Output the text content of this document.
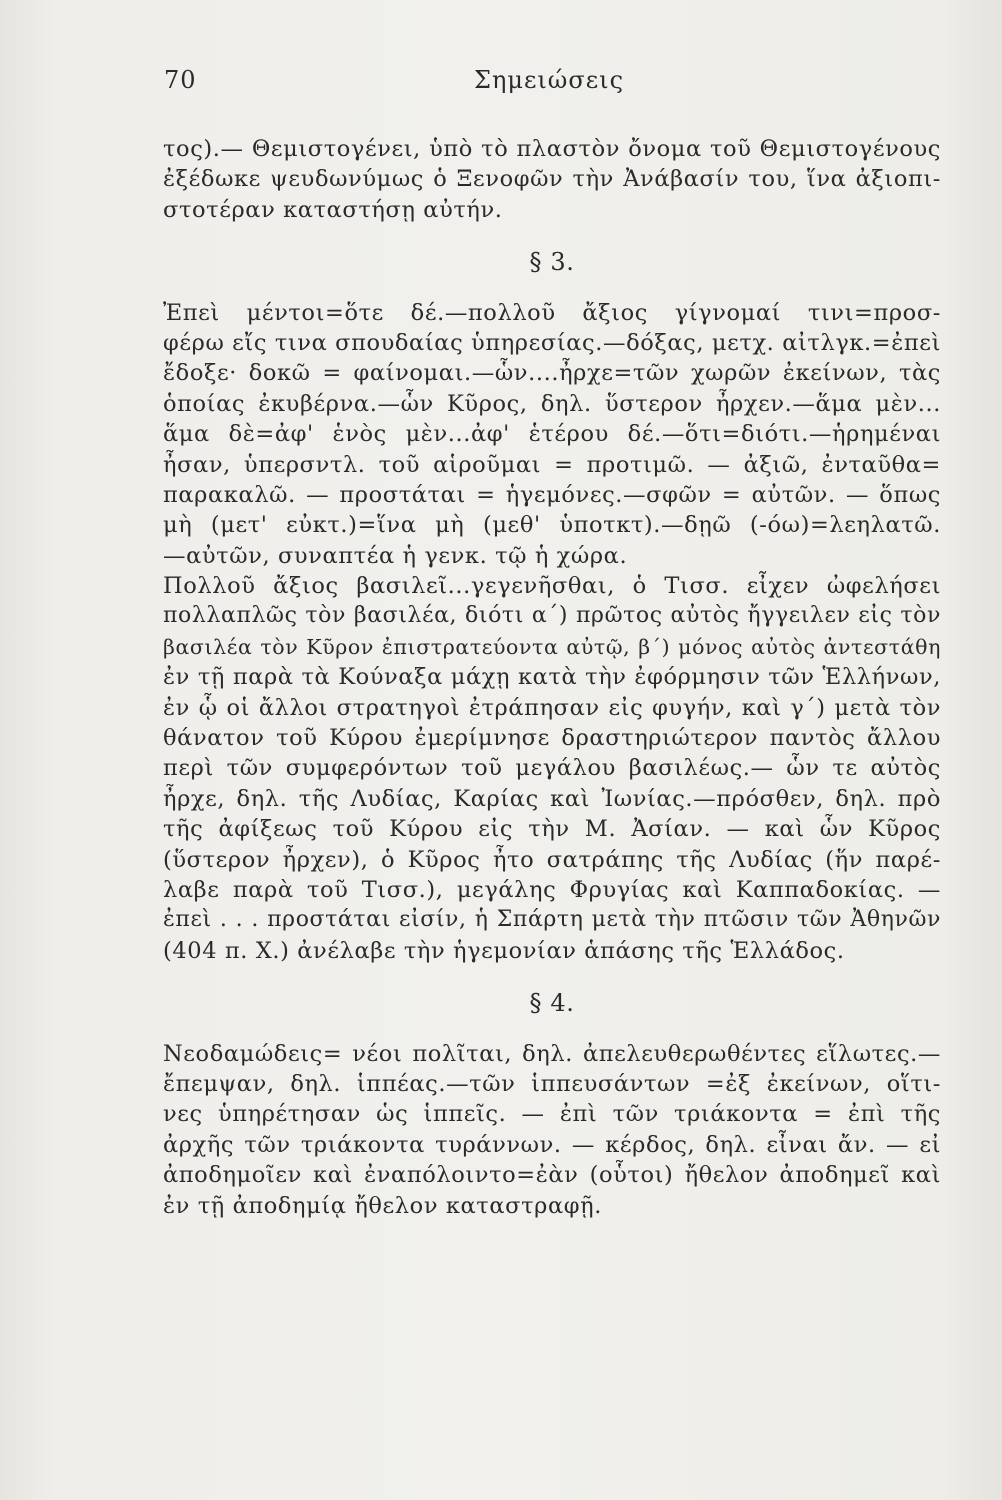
70	Σημειώσεις
τος).— Θεμιστογένει, ὑπὸ τὸ πλαστὸν ὄνομα τοῦ Θεμιστογένους
ἐξέδωκε ψευδωνύμως ὁ Ξενοφῶν τὴν Ἀνάβασίν του, ἵνα ἀξιοπι-
στοτέραν καταστήσῃ αὐτήν.
§ 3.
Ἐπεὶ μέντοι=ὅτε δέ.—πολλοῦ ἄξιος γίγνομαί τινι=προσ-
φέρω εἴς τινα σπουδαίας ὑπηρεσίας.—δόξας, μετχ. αἰτλγκ.=ἐπεὶ
ἔδοξε· δοκῶ = φαίνομαι.—ὧν....ἦρχε=τῶν χωρῶν ἐκείνων, τὰς
ὁποίας ἐκυβέρνα.—ὧν Κῦρος, δηλ. ὕστερον ἦρχεν.—ἅμα μὲν...
ἅμα δὲ=ἀφ' ἑνὸς μὲν...ἀφ' ἑτέρου δέ.—ὅτι=διότι.—ἡρημέναι
ἦσαν, ὑπερσντλ. τοῦ αἱροῦμαι = προτιμῶ. — ἀξιῶ, ἐνταῦθα=
παρακαλῶ. — προστάται = ἡγεμόνες.—σφῶν = αὐτῶν. — ὅπως
μὴ (μετ' εὐκτ.)=ἵνα μὴ (μεθ' ὑποτκτ).—δῃῶ (-όω)=λεηλατῶ.
—αὐτῶν, συναπτέα ἡ γενκ. τῷ ἡ χώρα.
Πολλοῦ ἄξιος βασιλεῖ...γεγενῆσθαι, ὁ Τισσ. εἶχεν ὠφελήσει
πολλαπλῶς τὸν βασιλέα, διότι α΄) πρῶτος αὐτὸς ἤγγειλεν εἰς τὸν
βασιλέα τὸν Κῦρον ἐπιστρατεύοντα αὐτῷ, β΄) μόνος αὐτὸς ἀντεστάθη
ἐν τῇ παρὰ τὰ Κούναξα μάχῃ κατὰ τὴν ἐφόρμησιν τῶν Ἑλλήνων,
ἐν ᾧ οἱ ἄλλοι στρατηγοὶ ἐτράπησαν εἰς φυγήν, καὶ γ΄) μετὰ τὸν
θάνατον τοῦ Κύρου ἐμερίμνησε δραστηριώτερον παντὸς ἄλλου
περὶ τῶν συμφερόντων τοῦ μεγάλου βασιλέως.— ὧν τε αὐτὸς
ἦρχε, δηλ. τῆς Λυδίας, Καρίας καὶ Ἰωνίας.—πρόσθεν, δηλ. πρὸ
τῆς ἀφίξεως τοῦ Κύρου εἰς τὴν Μ. Ἀσίαν. — καὶ ὧν Κῦρος
(ὕστερον ἦρχεν), ὁ Κῦρος ἦτο σατράπης τῆς Λυδίας (ἥν παρέ-
λαβε παρὰ τοῦ Τισσ.), μεγάλης Φρυγίας καὶ Καππαδοκίας. —
ἐπεὶ . . . προστάται εἰσίν, ἡ Σπάρτη μετὰ τὴν πτῶσιν τῶν Ἀθηνῶν
(404 π. Χ.) ἀνέλαβε τὴν ἡγεμονίαν ἁπάσης τῆς Ἑλλάδος.
§ 4.
Νεοδαμώδεις= νέοι πολῖται, δηλ. ἀπελευθερωθέντες εἵλωτες.—
ἔπεμψαν, δηλ. ἱππέας.—τῶν ἱππευσάντων =ἐξ ἐκείνων, οἵτι-
νες ὑπηρέτησαν ὡς ἱππεῖς. — ἐπὶ τῶν τριάκοντα = ἐπὶ τῆς
ἀρχῆς τῶν τριάκοντα τυράννων. — κέρδος, δηλ. εἶναι ἄν. — εἰ
ἀποδημοῖεν καὶ ἐναπόλοιντο=ἐὰν (οὗτοι) ἤθελον ἀποδημεῖ καὶ
ἐν τῇ ἀποδημίᾳ ἤθελον καταστραφῇ.
